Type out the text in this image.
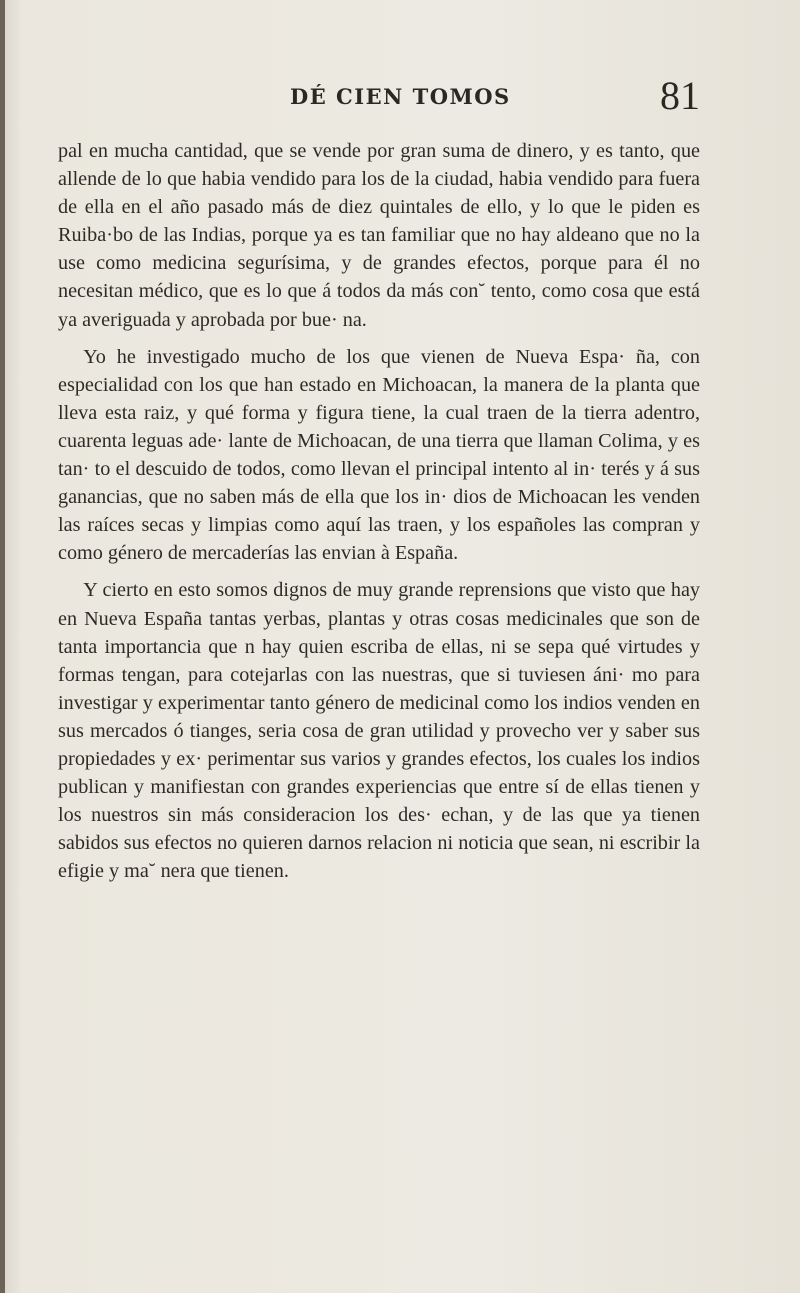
DÉ CIEN TOMOS	81

pal en mucha cantidad, que se vende por gran suma de dinero, y es tanto, que allende de lo que habia vendido para los de la ciudad, habia vendido para fuera de ella en el año pasado más de diez quintales de ello, y lo que le piden es Ruiba·bo de las Indias, porque ya es tan familiar que no hay aldeano que no la use como medicina segurísima, y de grandes efectos, porque para él no necesitan médico, que es lo que á todos da más con˘ tento, como cosa que está ya averiguada y aprobada por bue· na.

Yo he investigado mucho de los que vienen de Nueva Espa· ña, con especialidad con los que han estado en Michoacan, la manera de la planta que lleva esta raiz, y qué forma y figura tiene, la cual traen de la tierra adentro, cuarenta leguas ade· lante de Michoacan, de una tierra que llaman Colima, y es tan· to el descuido de todos, como llevan el principal intento al in· terés y á sus ganancias, que no saben más de ella que los in· dios de Michoacan les venden las raíces secas y limpias como aquí las traen, y los españoles las compran y como género de mercaderías las envian à España.

Y cierto en esto somos dignos de muy grande reprensions que visto que hay en Nueva España tantas yerbas, plantas y otras cosas medicinales que son de tanta importancia que n hay quien escriba de ellas, ni se sepa qué virtudes y formas tengan, para cotejarlas con las nuestras, que si tuviesen áni· mo para investigar y experimentar tanto género de medicinal como los indios venden en sus mercados ó tianges, seria cosa de gran utilidad y provecho ver y saber sus propiedades y ex· perimentar sus varios y grandes efectos, los cuales los indios publican y manifiestan con grandes experiencias que entre sí de ellas tienen y los nuestros sin más consideracion los des· echan, y de las que ya tienen sabidos sus efectos no quieren darnos relacion ni noticia que sean, ni escribir la efigie y ma˘ nera que tienen.
